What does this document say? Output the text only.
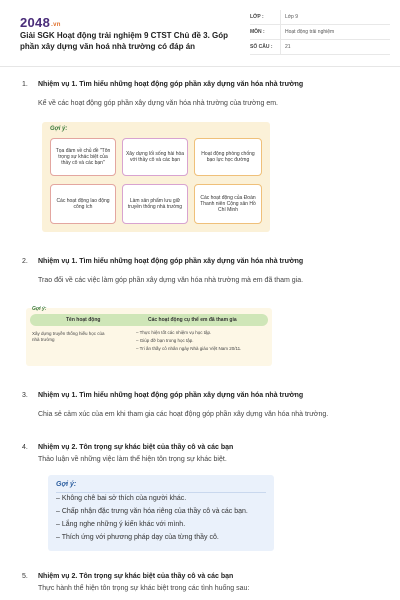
2048.vn
Giải SGK Hoạt động trải nghiệm 9 CTST Chủ đề 3. Góp phần xây dựng văn hoá nhà trường có đáp án
LỚP :	Lớp 9
MÔN :	Hoạt động trải nghiệm
SỐ CÂU :	21
1. Nhiệm vụ 1. Tìm hiểu những hoạt động góp phần xây dựng văn hóa nhà trường
Kể về các hoạt động góp phần xây dựng văn hóa nhà trường của trường em.
Gợi ý:
Tọa đàm về chủ đề "Tôn trọng sự khác biệt của thầy cô và các bạn"
Xây dựng lối sống hài hòa với thầy cô và các bạn
Hoạt động phòng chống bạo lực học đường
Các hoạt động lao động công ích
Làm sản phẩm lưu giữ truyền thống nhà trường
Các hoạt động của Đoàn Thanh niên Cộng sản Hồ Chí Minh
2. Nhiệm vụ 1. Tìm hiểu những hoạt động góp phần xây dựng văn hóa nhà trường
Trao đổi về các việc làm góp phần xây dựng văn hóa nhà trường mà em đã tham gia.
Gợi ý:
Tên hoạt động	Các hoạt động cụ thể em đã tham gia
Xây dựng truyền thống hiếu học của nhà trường
– Thực hiện tốt các nhiệm vụ học tập.
– Giúp đỡ bạn trong học tập.
– Tri ân thầy cô nhân ngày Nhà giáo Việt Nam 20/11.
3. Nhiệm vụ 1. Tìm hiểu những hoạt động góp phần xây dựng văn hóa nhà trường
Chia sẻ cảm xúc của em khi tham gia các hoạt động góp phần xây dựng văn hóa nhà trường.
4. Nhiệm vụ 2. Tôn trọng sự khác biệt của thầy cô và các bạn
Thảo luận về những việc làm thể hiện tôn trọng sự khác biệt.
Gợi ý:
– Không chê bai sở thích của người khác.
– Chấp nhận đặc trưng văn hóa riêng của thầy cô và các bạn.
– Lắng nghe những ý kiến khác với mình.
– Thích ứng với phương pháp dạy của từng thầy cô.
5. Nhiệm vụ 2. Tôn trọng sự khác biệt của thầy cô và các bạn
Thực hành thể hiện tôn trọng sự khác biệt trong các tình huống sau:
